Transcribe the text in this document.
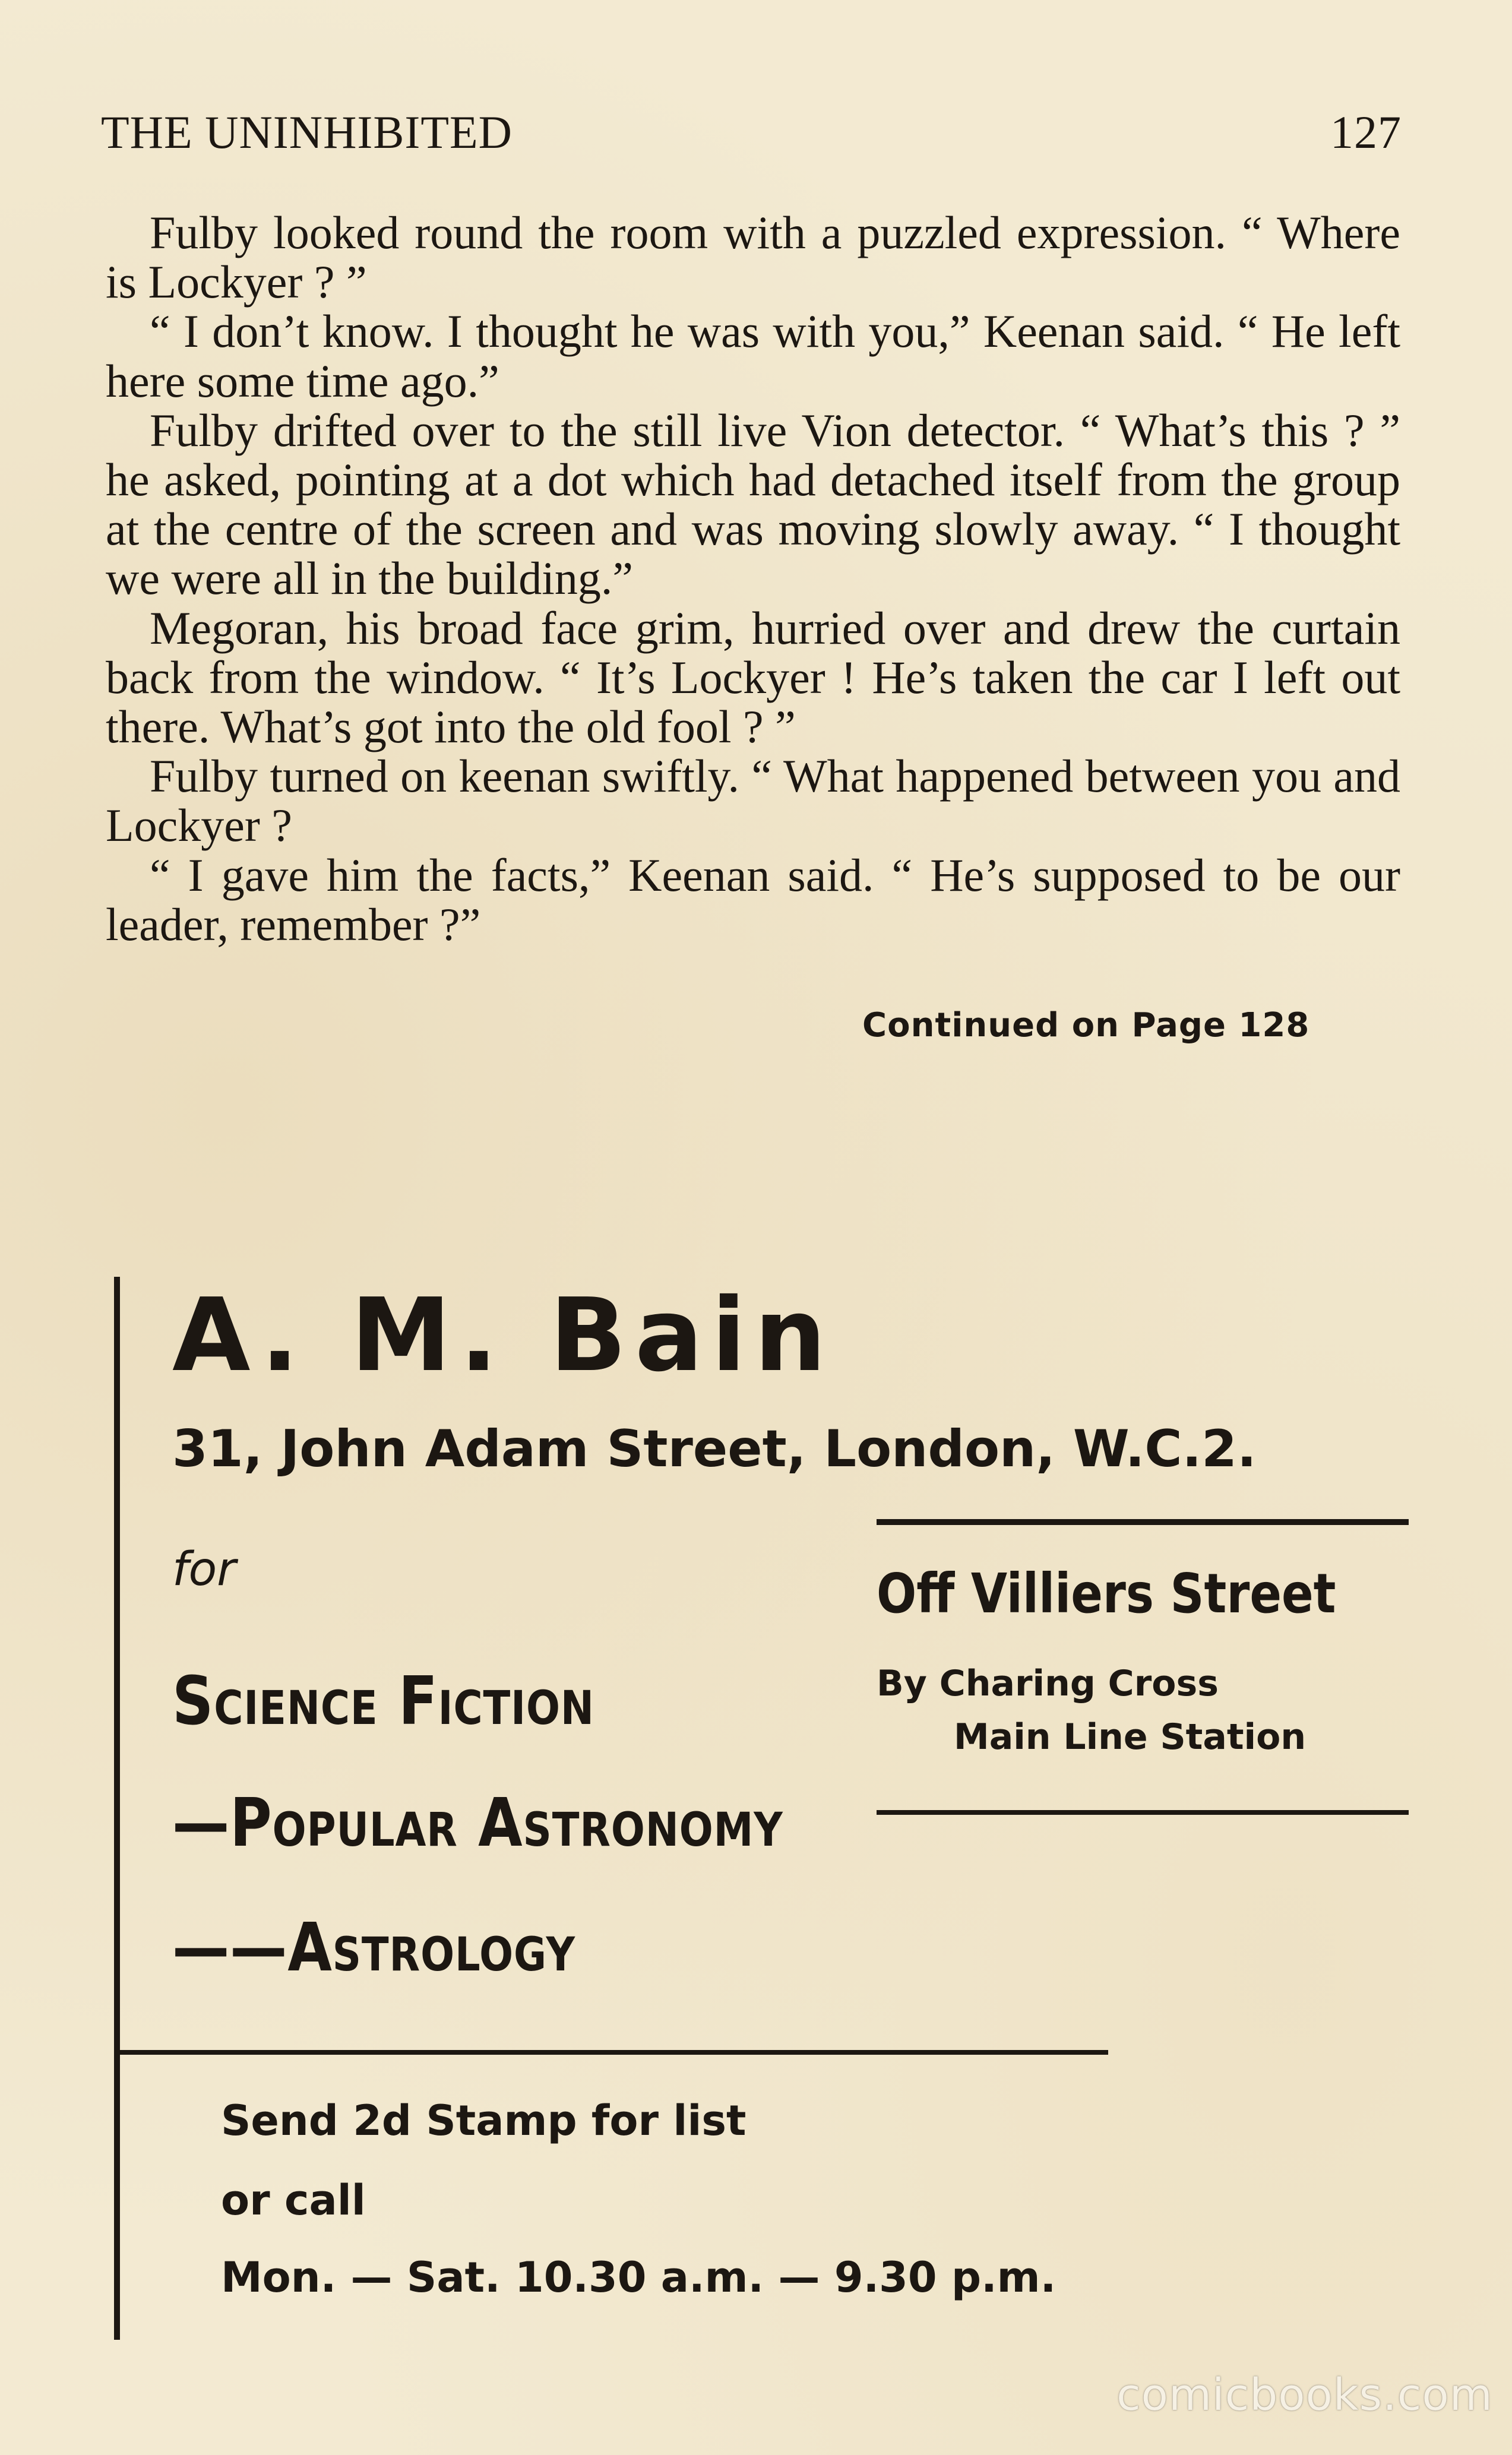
THE UNINHIBITED	127

Fulby looked round the room with a puzzled expression. “ Where is Lockyer ? ”

“ I don’t know. I thought he was with you,” Keenan said. “ He left here some time ago.”

Fulby drifted over to the still live Vion detector. “ What’s this ? ” he asked, pointing at a dot which had detached itself from the group at the centre of the screen and was moving slowly away. “ I thought we were all in the building.”

Megoran, his broad face grim, hurried over and drew the curtain back from the window. “ It’s Lockyer ! He’s taken the car I left out there. What’s got into the old fool ? ”

Fulby turned on keenan swiftly. “ What happened between you and Lockyer ?

“ I gave him the facts,” Keenan said. “ He’s supposed to be our leader, remember ?”

Continued on Page 128
A. M. Bain
31, John Adam Street, London, W.C.2.
for
Science Fiction
—Popular Astronomy
——Astrology
Off Villiers Street
By Charing Cross
Main Line Station
Send 2d Stamp for list
or call
Mon. — Sat. 10.30 a.m. — 9.30 p.m.
comicbooks.com
